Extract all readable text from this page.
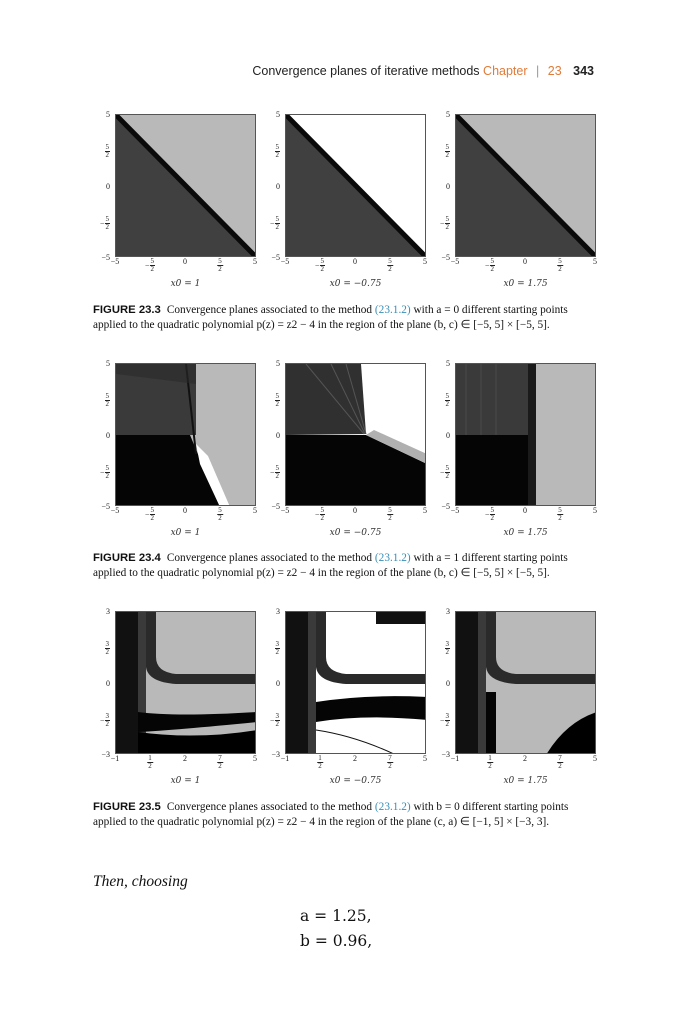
Convergence planes of iterative methods Chapter | 23 343
5
$\frac{5}{2}$
0
− $\frac{5}{2}$
−5 −5	− $\frac{5}{2}$	0	$\frac{5}{2}$	5
x0 = 1
5
$\frac{5}{2}$
0
− $\frac{5}{2}$
−5 −5	− $\frac{5}{2}$	0	$\frac{5}{2}$	5
x0 = −0.75
5
$\frac{5}{2}$
0
− $\frac{5}{2}$
−5 −5	− $\frac{5}{2}$	0	$\frac{5}{2}$	5
x0 = 1.75
FIGURE 23.3 Convergence planes associated to the method (23.1.2) with a = 0 different starting points applied to the quadratic polynomial p(z) = z2 − 4 in the region of the plane (b, c) ∈ [−5, 5] × [−5, 5].
5
$\frac{5}{2}$
0
− $\frac{5}{2}$
−5 −5	− $\frac{5}{2}$	0	$\frac{5}{2}$	5
x0 = 1
5
$\frac{5}{2}$
0
− $\frac{5}{2}$
−5 −5	− $\frac{5}{2}$	0	$\frac{5}{2}$	5
x0 = −0.75
5
$\frac{5}{2}$
0
− $\frac{5}{2}$
−5 −5	− $\frac{5}{2}$	0	$\frac{5}{2}$	5
x0 = 1.75
FIGURE 23.4 Convergence planes associated to the method (23.1.2) with a = 1 different starting points applied to the quadratic polynomial p(z) = z2 − 4 in the region of the plane (b, c) ∈ [−5, 5] × [−5, 5].
3
$\frac{3}{2}$
0
− $\frac{3}{2}$
−3 −1	$\frac{1}{2}$	2	$\frac{7}{2}$	5
x0 = 1
3
$\frac{3}{2}$
0
− $\frac{3}{2}$
−3 −1	$\frac{1}{2}$	2	$\frac{7}{2}$	5
x0 = −0.75
3
$\frac{3}{2}$
0
− $\frac{3}{2}$
−3 −1	$\frac{1}{2}$	2	$\frac{7}{2}$	5
x0 = 1.75
FIGURE 23.5 Convergence planes associated to the method (23.1.2) with b = 0 different starting points applied to the quadratic polynomial p(z) = z2 − 4 in the region of the plane (c, a) ∈ [−1, 5] × [−3, 3].
Then, choosing
a = 1.25,
b = 0.96,
